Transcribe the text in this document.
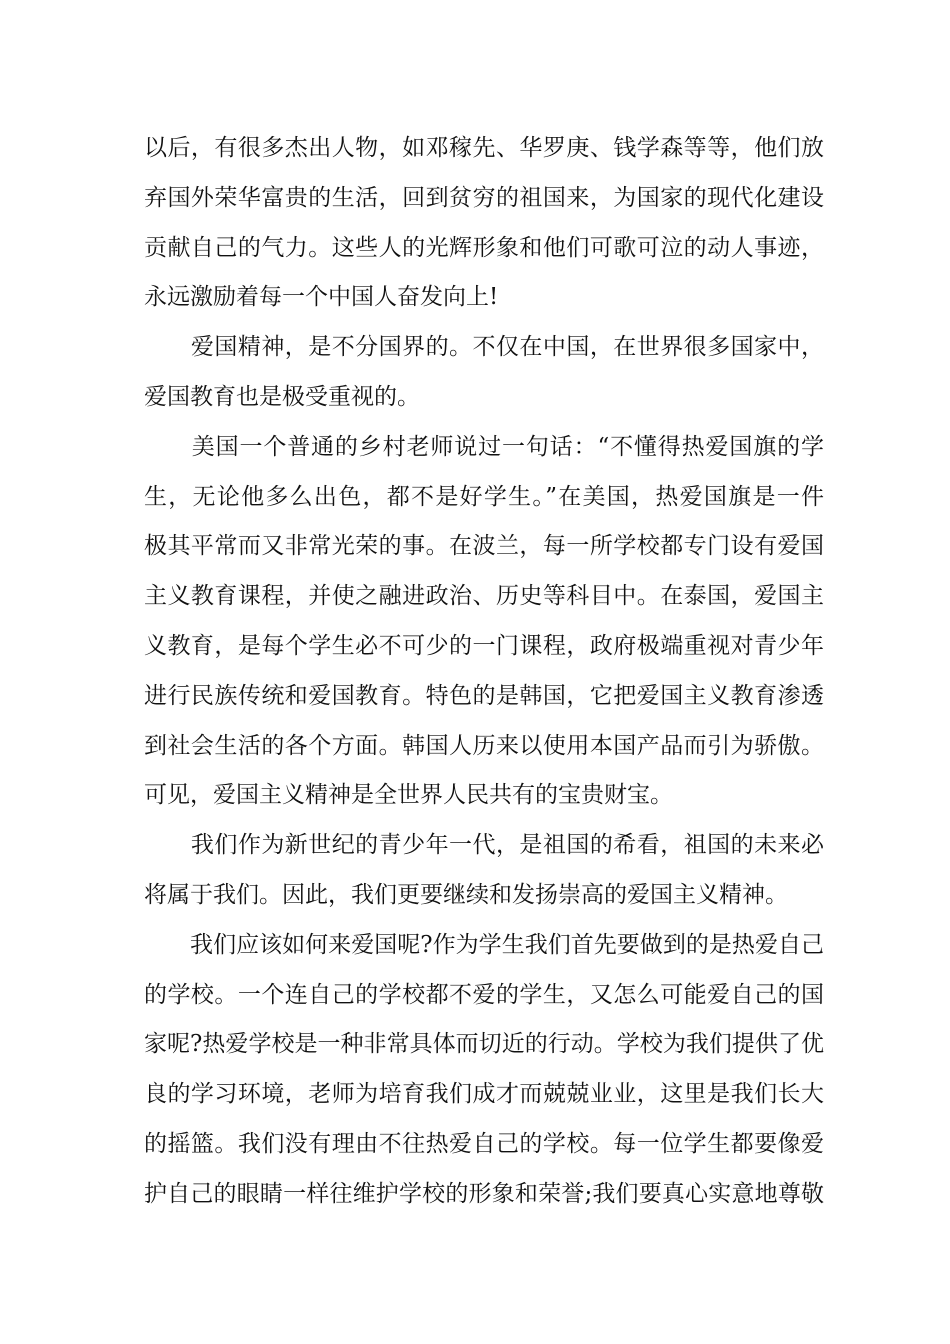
以后，有很多杰出人物，如邓稼先、华罗庚、钱学森等等，他们放
弃国外荣华富贵的生活，回到贫穷的祖国来，为国家的现代化建设
贡献自己的气力。这些人的光辉形象和他们可歌可泣的动人事迹，
永远激励着每一个中国人奋发向上!
　　爱国精神，是不分国界的。不仅在中国，在世界很多国家中，
爱国教育也是极受重视的。
　　美国一个普通的乡村老师说过一句话：“不懂得热爱国旗的学
生，无论他多么出色，都不是好学生。”在美国，热爱国旗是一件
极其平常而又非常光荣的事。在波兰，每一所学校都专门设有爱国
主义教育课程，并使之融进政治、历史等科目中。在泰国，爱国主
义教育，是每个学生必不可少的一门课程，政府极端重视对青少年
进行民族传统和爱国教育。特色的是韩国，它把爱国主义教育渗透
到社会生活的各个方面。韩国人历来以使用本国产品而引为骄傲。
可见，爱国主义精神是全世界人民共有的宝贵财宝。
　　我们作为新世纪的青少年一代，是祖国的希看，祖国的未来必
将属于我们。因此，我们更要继续和发扬崇高的爱国主义精神。
　　我们应该如何来爱国呢?作为学生我们首先要做到的是热爱自己
的学校。一个连自己的学校都不爱的学生，又怎么可能爱自己的国
家呢?热爱学校是一种非常具体而切近的行动。学校为我们提供了优
良的学习环境，老师为培育我们成才而兢兢业业，这里是我们长大
的摇篮。我们没有理由不往热爱自己的学校。每一位学生都要像爱
护自己的眼睛一样往维护学校的形象和荣誉;我们要真心实意地尊敬
